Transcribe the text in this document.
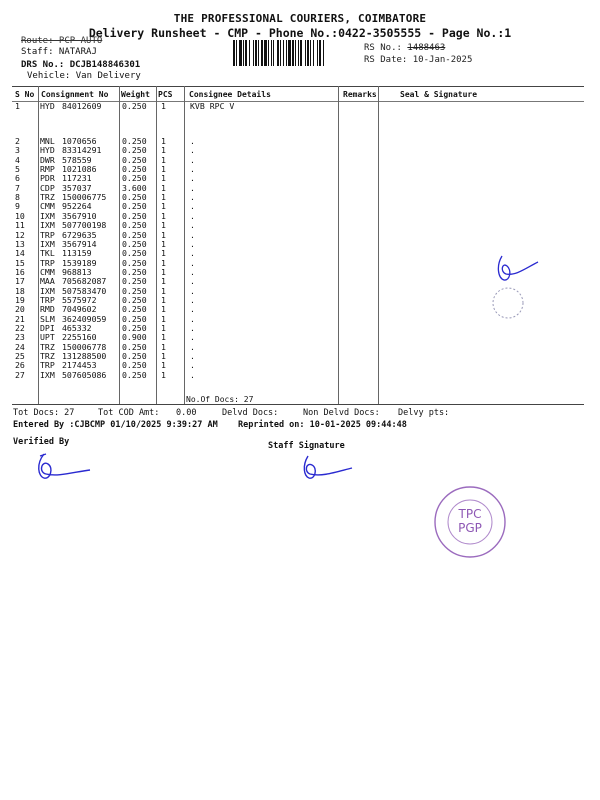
THE PROFESSIONAL COURIERS, COIMBATORE
Delivery Runsheet - CMP - Phone No.:0422-3505555 - Page No.:1
Route: PCP AUTO
Staff: NATARAJ
DRS No.: DCJB148846301
Vehicle: Van Delivery
RS No.: 1488463
RS Date: 10-Jan-2025
S No Consignment No Weight PCS Consignee Details	Remarks	Seal & Signature
1 HYD 84012609	0.250 1	KVB RPC V
2 MNL 1070656	0.250 1	.
3 HYD 83314291	0.250 1	.
4 DWR 578559	0.250 1	.
5 RMP 1021086	0.250 1	.
6 PDR 117231	0.250 1	.
7 CDP 357037	3.600 1	.
8 TRZ 150006775 0.250 1	.
9 CMM 952264	0.250 1	.
10 IXM 3567910	0.250 1	.
11 IXM 507700198 0.250 1	.
12 TRP 6729635	0.250 1	.
13 IXM 3567914	0.250 1	.
14 TKL 113159	0.250 1	.
15 TRP 1539189	0.250 1	.
16 CMM 968813	0.250 1	.
17 MAA 705682087 0.250 1	.
18 IXM 507583470 0.250 1	.
19 TRP 5575972	0.250 1	.
20 RMD 7049602	0.250 1	.
21 SLM 362409059 0.250 1	.
22 DPI 465332	0.250 1	.
23 UPT 2255160	0.900 1	.
24 TRZ 150006778 0.250 1	.
25 TRZ 131288500 0.250 1	.
26 TRP 2174453	0.250 1	.
27 IXM 507605086 0.250 1	.
No.Of Docs: 27
Tot Docs: 27	Tot COD Amt: 0.00	Delvd Docs:	Non Delvd Docs: Delvy pts:
Entered By :CJBCMP 01/10/2025 9:39:27 AM Reprinted on: 10-01-2025 09:44:48
Verified By	Staff Signature
TPC
PGP
